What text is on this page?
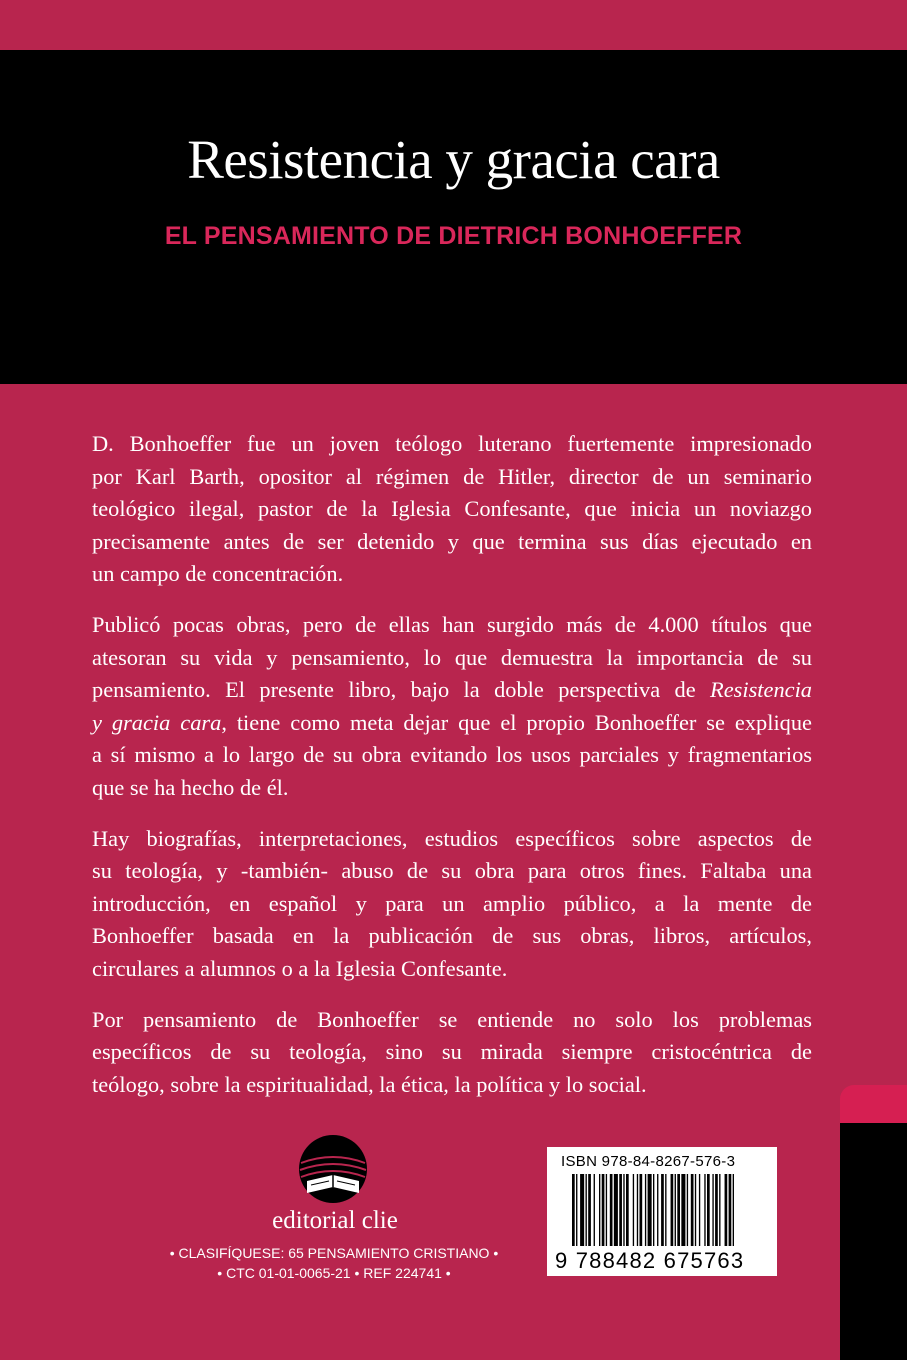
Resistencia y gracia cara
EL PENSAMIENTO DE DIETRICH BONHOEFFER

D. Bonhoeffer fue un joven teólogo luterano fuertemente impresionado
por Karl Barth, opositor al régimen de Hitler, director de un seminario
teológico ilegal, pastor de la Iglesia Confesante, que inicia un noviazgo
precisamente antes de ser detenido y que termina sus días ejecutado en
un campo de concentración.

Publicó pocas obras, pero de ellas han surgido más de 4.000 títulos que
atesoran su vida y pensamiento, lo que demuestra la importancia de su
pensamiento. El presente libro, bajo la doble perspectiva de Resistencia
y gracia cara, tiene como meta dejar que el propio Bonhoeffer se explique
a sí mismo a lo largo de su obra evitando los usos parciales y fragmentarios
que se ha hecho de él.

Hay biografías, interpretaciones, estudios específicos sobre aspectos de
su teología, y -también- abuso de su obra para otros fines. Faltaba una
introducción, en español y para un amplio público, a la mente de
Bonhoeffer basada en la publicación de sus obras, libros, artículos,
circulares a alumnos o a la Iglesia Confesante.

Por pensamiento de Bonhoeffer se entiende no solo los problemas
específicos de su teología, sino su mirada siempre cristocéntrica de
teólogo, sobre la espiritualidad, la ética, la política y lo social.

editorial clie
• CLASIFÍQUESE: 65 PENSAMIENTO CRISTIANO •
• CTC 01-01-0065-21 • REF 224741 •
ISBN 978-84-8267-576-3
9 788482 675763
